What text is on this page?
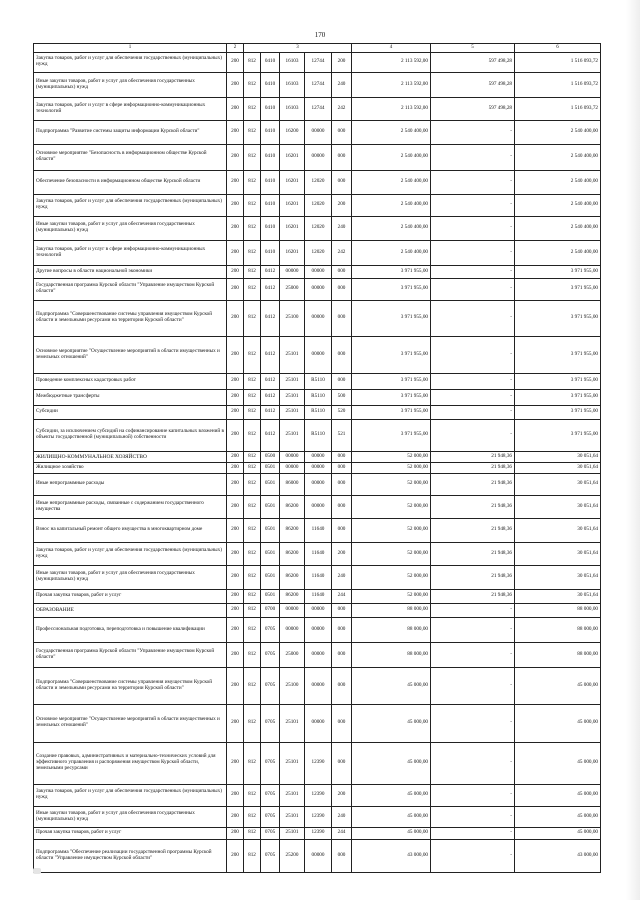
170
1	2	3					4	5	6
Закупка товаров, работ и услуг для обеспечения государственных (муниципальных) нужд	200	812	0410	16103	12744	200	2 113 592,00	597 498,28	1 516 093,72
Иные закупки товаров, работ и услуг для обеспечения государственных (муниципальных) нужд	200	812	0410	16103	12744	240	2 113 592,00	597 498,28	1 516 093,72
Закупка товаров, работ и услуг в сфере информационно-коммуникационных технологий	200	812	0410	16103	12744	242	2 113 592,00	597 498,28	1 516 093,72
Подпрограмма "Развитие системы защиты информации Курской области"	200	812	0410	16200	00000	000	2 540 400,00	-	2 540 400,00
Основное мероприятие "Безопасность в информационном обществе Курской области"	200	812	0410	16201	00000	000	2 540 400,00	-	2 540 400,00
Обеспечение безопасности в информационном обществе Курской области	200	812	0410	16201	12020	000	2 540 400,00	-	2 540 400,00
Закупка товаров, работ и услуг для обеспечения государственных (муниципальных) нужд	200	812	0410	16201	12020	200	2 540 400,00	-	2 540 400,00
Иные закупки товаров, работ и услуг для обеспечения государственных (муниципальных) нужд	200	812	0410	16201	12020	240	2 540 400,00	-	2 540 400,00
Закупка товаров, работ и услуг в сфере информационно-коммуникационных технологий	200	812	0410	16201	12020	242	2 540 400,00	-	2 540 400,00
Другие вопросы в области национальной экономики	200	812	0412	00000	00000	000	3 971 955,00	-	3 971 955,00
Государственная программа Курской области "Управление имуществом Курской области"	200	812	0412	25000	00000	000	3 971 955,00	-	3 971 955,00
Подпрограмма "Совершенствование системы управления имуществом Курской области и земельными ресурсами на территории Курской области"	200	812	0412	25100	00000	000	3 971 955,00	-	3 971 955,00
Основное мероприятие "Осуществление мероприятий в области имущественных и земельных отношений"	200	812	0412	25101	00000	000	3 971 955,00	-	3 971 955,00
Проведение комплексных кадастровых работ	200	812	0412	25101	R5110	000	3 971 955,00	-	3 971 955,00
Межбюджетные трансферты	200	812	0412	25101	R5110	500	3 971 955,00	-	3 971 955,00
Субсидии	200	812	0412	25101	R5110	520	3 971 955,00	-	3 971 955,00
Субсидии, за исключением субсидий на софинансирование капитальных вложений в объекты государственной (муниципальной) собственности	200	812	0412	25101	R5110	521	3 971 955,00	-	3 971 955,00
ЖИЛИЩНО-КОММУНАЛЬНОЕ ХОЗЯЙСТВО	200	812	0500	00000	00000	000	52 000,00	21 948,36	30 051,64
Жилищное хозяйство	200	812	0501	00000	00000	000	52 000,00	21 948,36	30 051,64
Иные непрограммные расходы	200	812	0501	86000	00000	000	52 000,00	21 948,36	30 051,64
Иные непрограммные расходы, связанные с содержанием государственного имущества	200	812	0501	86200	00000	000	52 000,00	21 948,36	30 051,64
Взнос на капитальный ремонт общего имущества в многоквартирном доме	200	812	0501	86200	11640	000	52 000,00	21 948,36	30 051,64
Закупка товаров, работ и услуг для обеспечения государственных (муниципальных) нужд	200	812	0501	86200	11640	200	52 000,00	21 948,36	30 051,64
Иные закупки товаров, работ и услуг для обеспечения государственных (муниципальных) нужд	200	812	0501	86200	11640	240	52 000,00	21 948,36	30 051,64
Прочая закупка товаров, работ и услуг	200	812	0501	86200	11640	244	52 000,00	21 948,36	30 051,64
ОБРАЗОВАНИЕ	200	812	0700	00000	00000	000	88 000,00	-	88 000,00
Профессиональная подготовка, переподготовка и повышение квалификации	200	812	0705	00000	00000	000	88 000,00	-	88 000,00
Государственная программа Курской области "Управление имуществом Курской области"	200	812	0705	25000	00000	000	88 000,00	-	88 000,00
Подпрограмма "Совершенствование системы управления имуществом Курской области и земельными ресурсами на территории Курской области"	200	812	0705	25100	00000	000	45 000,00	-	45 000,00
Основное мероприятие "Осуществление мероприятий в области имущественных и земельных отношений"	200	812	0705	25101	00000	000	45 000,00	-	45 000,00
Создание правовых, административных и материально-технических условий для эффективного управления и распоряжения имуществом Курской области, земельными ресурсами	200	812	0705	25101	12390	000	45 000,00	-	45 000,00
Закупка товаров, работ и услуг для обеспечения государственных (муниципальных) нужд	200	812	0705	25101	12390	200	45 000,00	-	45 000,00
Иные закупки товаров, работ и услуг для обеспечения государственных (муниципальных) нужд	200	812	0705	25101	12390	240	45 000,00	-	45 000,00
Прочая закупка товаров, работ и услуг	200	812	0705	25101	12390	244	45 000,00	-	45 000,00
Подпрограмма "Обеспечение реализации государственной программы Курской области "Управление имуществом Курской области"	200	812	0705	25200	00000	000	43 000,00	-	43 000,00
